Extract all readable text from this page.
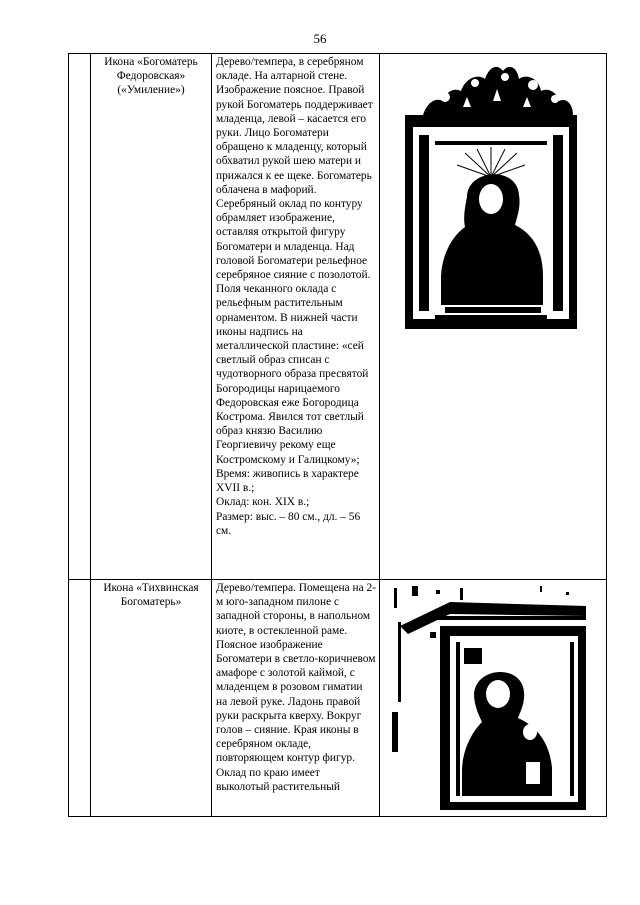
56

	Икона «Богоматерь Федоровская» («Умиление»)	Дерево/темпера, в серебряном окладе. На алтарной стене. Изображение поясное. Правой рукой Богоматерь поддерживает младенца, левой – касается его руки. Лицо Богоматери обращено к младенцу, который обхватил рукой шею матери и прижался к ее щеке. Богоматерь облачена в мафорий. Серебряный оклад по контуру обрамляет изображение, оставляя открытой фигуру Богоматери и младенца. Над головой Богоматери рельефное серебряное сияние с позолотой. Поля чеканного оклада с рельефным растительным орнаментом. В нижней части иконы надпись на металлической пластине: «сей светлый образ списан с чудотворного образа пресвятой Богородицы нарицаемого Федоровская еже Богородица Кострома. Явился тот светлый образ князю Василию Георгиевичу рекому еще Костромскому и Галицкому»;

Время: живопись в характере XVII в.;

Оклад: кон. XIX в.;

Размер: выс. – 80 см., дл. – 56 см.

	Икона «Тихвинская Богоматерь»	Дерево/темпера. Помещена на 2-м юго-западном пилоне с западной стороны, в напольном киоте, в остекленной раме. Поясное изображение Богоматери в светло-коричневом амафоре с золотой каймой, с младенцем в розовом гиматии на левой руке. Ладонь правой руки раскрыта кверху. Вокруг голов – сияние. Края иконы в серебряном окладе, повторяющем контур фигур. Оклад по краю имеет выколотый растительный
